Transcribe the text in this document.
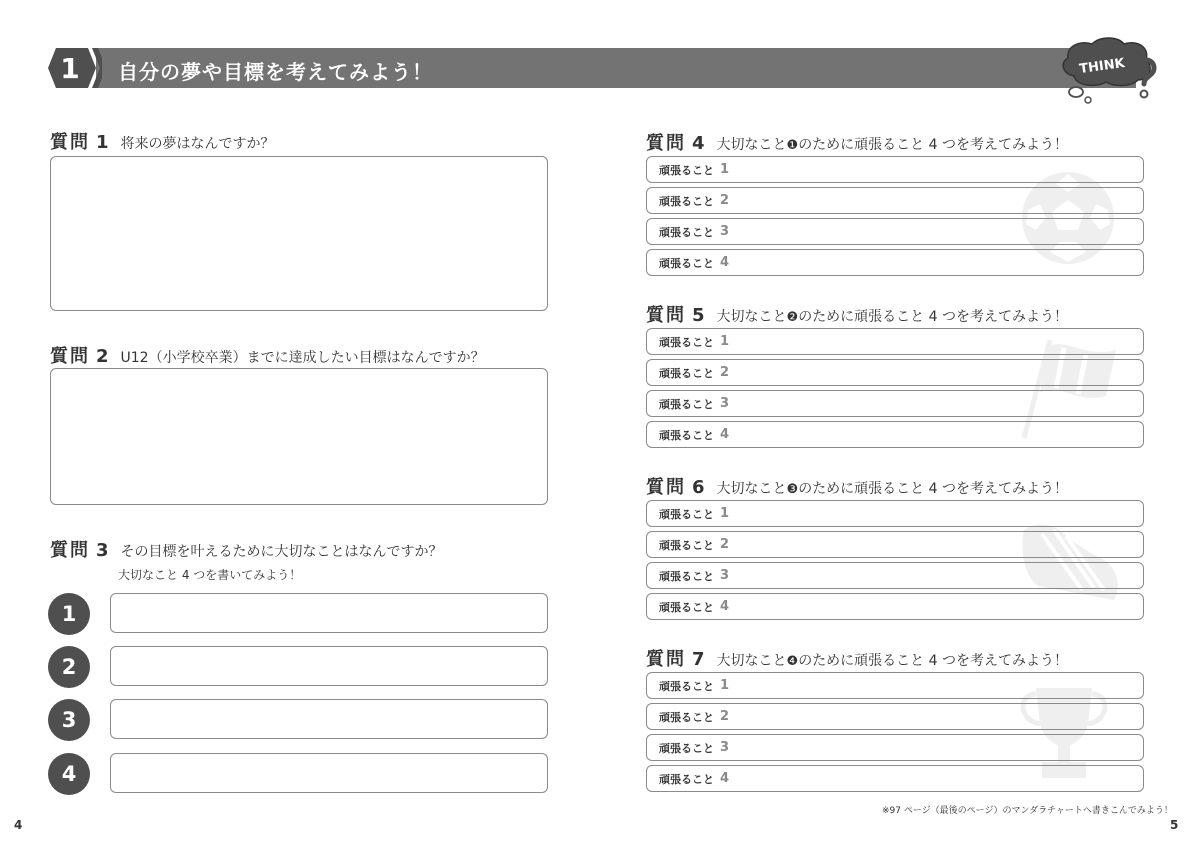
1 自分の夢や目標を考えてみよう！	THINK
質問 1 将来の夢はなんですか？
質問 2 U12（小学校卒業）までに達成したい目標はなんですか？
質問 3 その目標を叶えるために大切なことはなんですか？
大切なこと 4 つを書いてみよう！
1
2
3
4
質問 4 大切なこと ❶ のために頑張ること 4 つを考えてみよう！
頑張ること 1
頑張ること 2
頑張ること 3
頑張ること 4
質問 5 大切なこと ❷ のために頑張ること 4 つを考えてみよう！
頑張ること 1
頑張ること 2
頑張ること 3
頑張ること 4
質問 6 大切なこと ❸ のために頑張ること 4 つを考えてみよう！
頑張ること 1
頑張ること 2
頑張ること 3
頑張ること 4
質問 7 大切なこと ❹ のために頑張ること 4 つを考えてみよう！
頑張ること 1
頑張ること 2
頑張ること 3
頑張ること 4
※97 ページ（最後のページ）のマンダラチャートへ書きこんでみよう！
4	5
